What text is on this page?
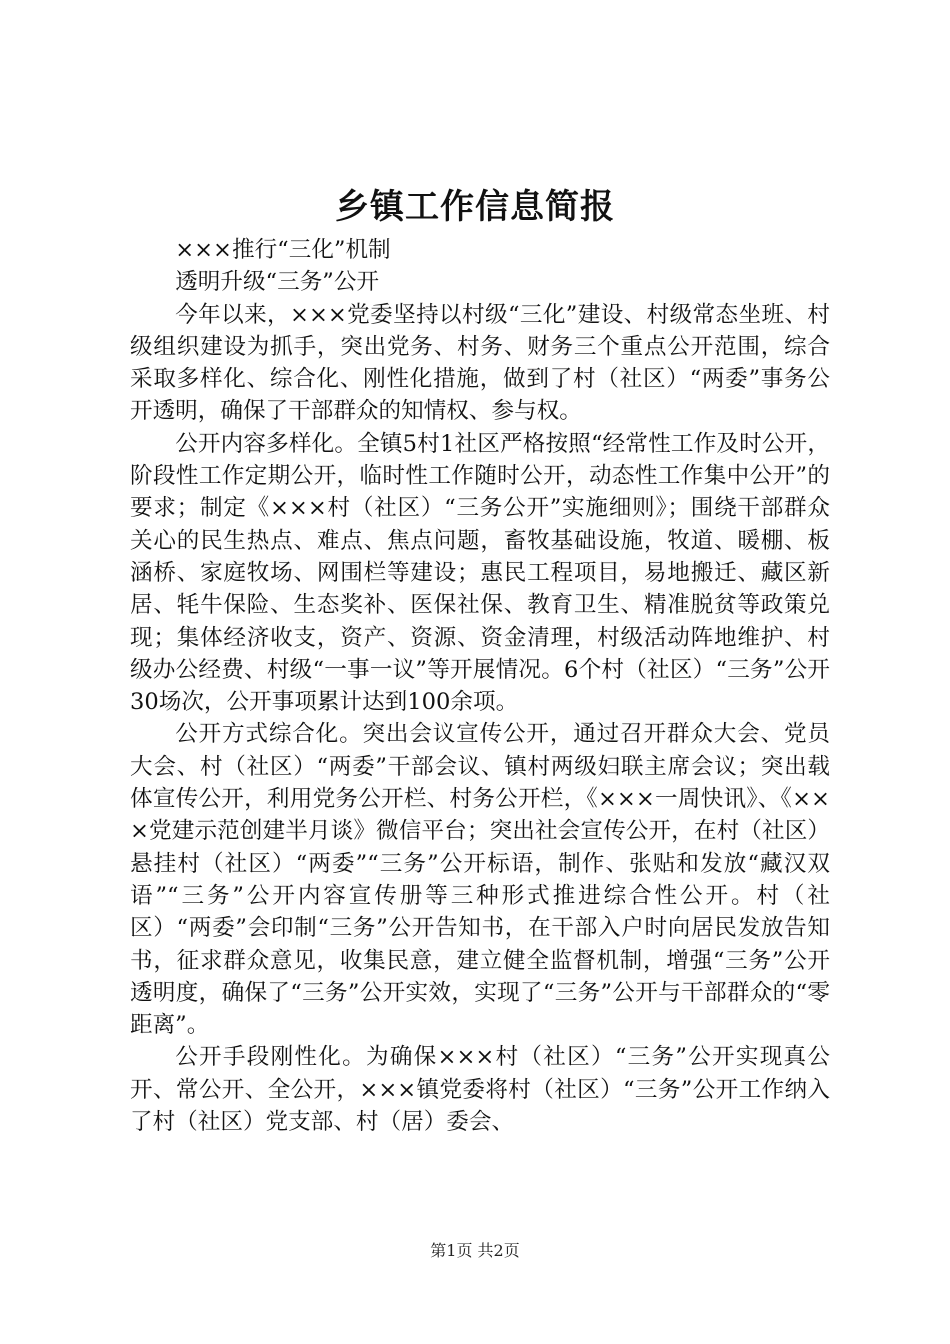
乡镇工作信息简报

×××推行“三化”机制

透明升级“三务”公开

今年以来，×××党委坚持以村级“三化”建设、村级常态坐班、村级组织建设为抓手，突出党务、村务、财务三个重点公开范围，综合采取多样化、综合化、刚性化措施，做到了村（社区）“两委”事务公开透明，确保了干部群众的知情权、参与权。

公开内容多样化。全镇5村1社区严格按照“经常性工作及时公开，阶段性工作定期公开，临时性工作随时公开，动态性工作集中公开”的要求；制定《×××村（社区）“三务公开”实施细则》；围绕干部群众关心的民生热点、难点、焦点问题，畜牧基础设施，牧道、暖棚、板涵桥、家庭牧场、网围栏等建设；惠民工程项目，易地搬迁、藏区新居、牦牛保险、生态奖补、医保社保、教育卫生、精准脱贫等政策兑现；集体经济收支，资产、资源、资金清理，村级活动阵地维护、村级办公经费、村级“一事一议”等开展情况。6个村（社区）“三务”公开30场次，公开事项累计达到100余项。

公开方式综合化。突出会议宣传公开，通过召开群众大会、党员大会、村（社区）“两委”干部会议、镇村两级妇联主席会议；突出载体宣传公开，利用党务公开栏、村务公开栏，《×××一周快讯》、《×××党建示范创建半月谈》微信平台；突出社会宣传公开，在村（社区）悬挂村（社区）“两委”“三务”公开标语，制作、张贴和发放“藏汉双语”“三务”公开内容宣传册等三种形式推进综合性公开。村（社区）“两委”会印制“三务”公开告知书，在干部入户时向居民发放告知书，征求群众意见，收集民意，建立健全监督机制，增强“三务”公开透明度，确保了“三务”公开实效，实现了“三务”公开与干部群众的“零距离”。

公开手段刚性化。为确保×××村（社区）“三务”公开实现真公开、常公开、全公开，×××镇党委将村（社区）“三务”公开工作纳入了村（社区）党支部、村（居）委会、

第1页 共2页
